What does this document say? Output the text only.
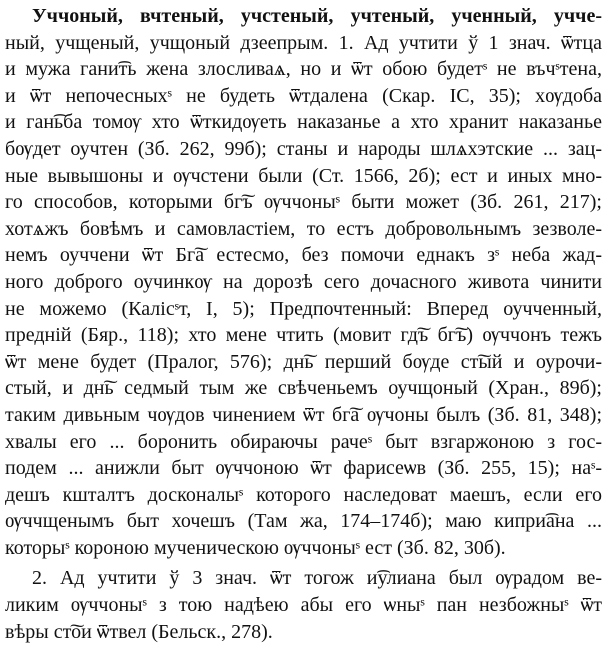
Уччоный, вчтеный, учстеный, учтеный, ученный, учче-
ный, учщеный, учщоный дзеепрым. 1. Ад учтити ў 1 знач. ѿтца
и мужа гани͡ть жена злосливаѧ, но и ѿт обою будетˢ не въчˢтена,
и ѿт непочесныхˢ не будеть ѿтдалена (Скар. ІС, 35); хѹдоба
и ган͡ьба томѹ хто ѿткидѹеть наказанье а хто хранит наказанье
бѹдет оучтен (Зб. 262, 99б); станы и народы шлѧхэтские ... зац-
ные вывышоны и ѹчстени были (Ст. 1566, 2б); ест и иных мно-
го способов, которыми бг͠ъ ѹччоныˢ быти может (Зб. 261, 217);
хотѧжъ бовѣмъ и самовластіем, то естъ добровольнымъ зезволе-
немъ оуччени ѿт Бг͠а естесмо, без помочи еднакъ зˢ неба жад-
ного доброго оучинкѹ на дорозѣ сего дочасного живота чинити
не можемо (Калісˢт, I, 5); Предпочтенный: Вперед оучченный,
предній (Бяр., 118); хто мене чтить (мовит гд͠ъ бг͠ъ) ѹччонъ тежъ
ѿт мене будет (Пралог, 576); дн͠ь перший бѹде ст͠ый и оурочи-
стый, и дн͠ь седмый тым же свѣченьемъ оучщоный (Хран., 89б);
таким дивьным чѹдов чинением ѿт бг͠а ѹчоны былъ (Зб. 81, 348);
хвалы его ... боронить обираючы рачеˢ быт взгаржоною з гос-
подем ... анижли быт ѹччоною ѿт фарисеѡв (Зб. 255, 15); наˢ-
дешъ кшталтъ досконалыˢ которого наследоват маешъ, если его
ѹччщенымъ быт хочешъ (Там жа, 174–174б); маю кипри͡ана ...
которыˢ короною мученическою ѹччоныˢ ест (Зб. 82, 30б).
2. Ад учтити ў 3 знач. ѿт тогож и͡улиана был ѹрадом ве-
ликим ѹччоныˢ з тою надѣею абы его ѡныˢ пан незбожныˢ ѿт
вѣры ст͠ои ѿтвел (Бельск., 278).
